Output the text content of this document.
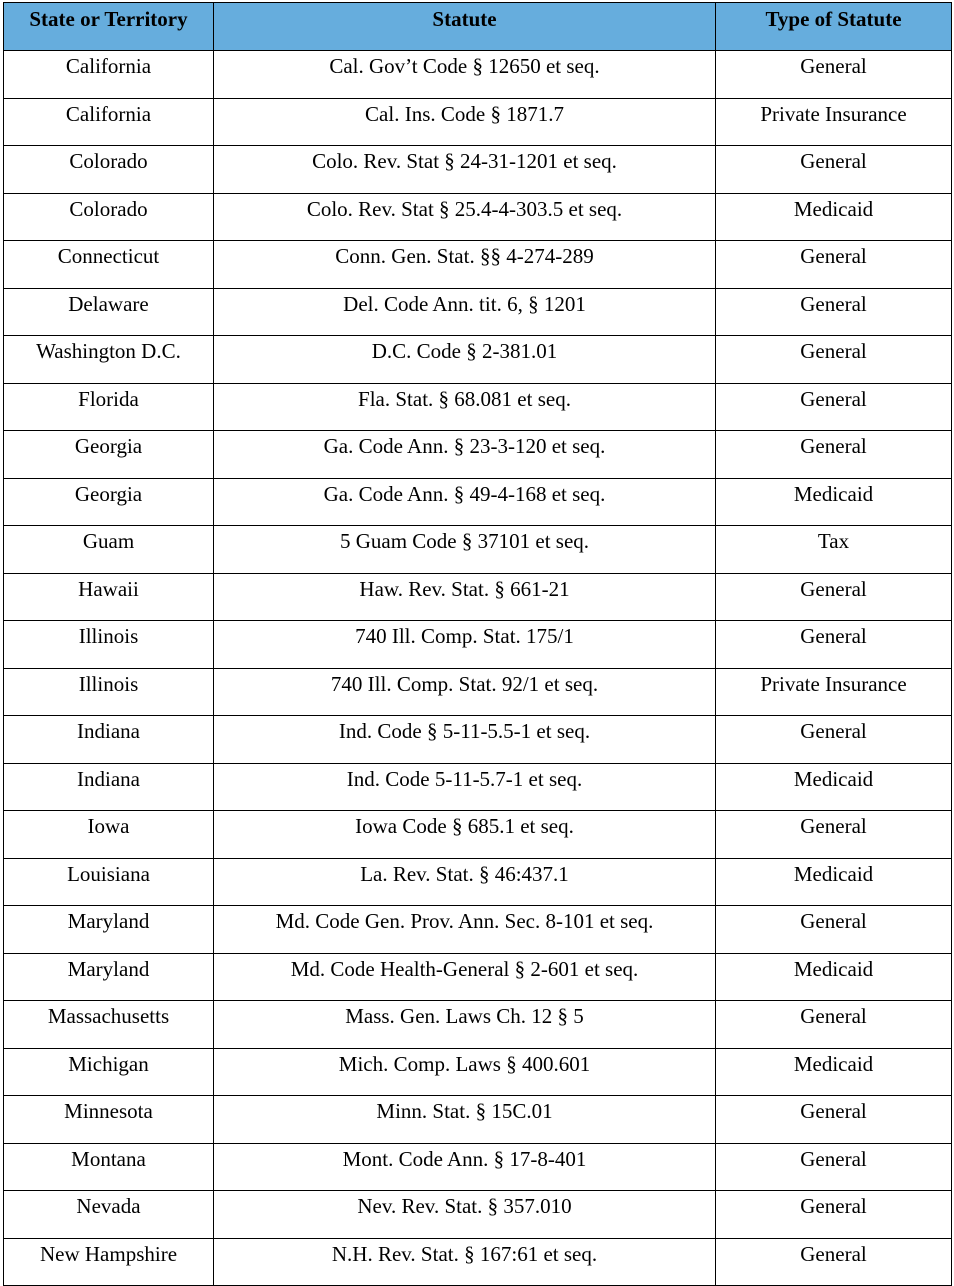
State or Territory	Statute	Type of Statute
California	Cal. Gov’t Code § 12650 et seq.	General
California	Cal. Ins. Code § 1871.7	Private Insurance
Colorado	Colo. Rev. Stat § 24-31-1201 et seq.	General
Colorado	Colo. Rev. Stat § 25.4-4-303.5 et seq.	Medicaid
Connecticut	Conn. Gen. Stat. §§ 4-274-289	General
Delaware	Del. Code Ann. tit. 6, § 1201	General
Washington D.C.	D.C. Code § 2-381.01	General
Florida	Fla. Stat. § 68.081 et seq.	General
Georgia	Ga. Code Ann. § 23-3-120 et seq.	General
Georgia	Ga. Code Ann. § 49-4-168 et seq.	Medicaid
Guam	5 Guam Code § 37101 et seq.	Tax
Hawaii	Haw. Rev. Stat. § 661-21	General
Illinois	740 Ill. Comp. Stat. 175/1	General
Illinois	740 Ill. Comp. Stat. 92/1 et seq.	Private Insurance
Indiana	Ind. Code § 5-11-5.5-1 et seq.	General
Indiana	Ind. Code 5-11-5.7-1 et seq.	Medicaid
Iowa	Iowa Code § 685.1 et seq.	General
Louisiana	La. Rev. Stat. § 46:437.1	Medicaid
Maryland	Md. Code Gen. Prov. Ann. Sec. 8-101 et seq.	General
Maryland	Md. Code Health-General § 2-601 et seq.	Medicaid
Massachusetts	Mass. Gen. Laws Ch. 12 § 5	General
Michigan	Mich. Comp. Laws § 400.601	Medicaid
Minnesota	Minn. Stat. § 15C.01	General
Montana	Mont. Code Ann. § 17-8-401	General
Nevada	Nev. Rev. Stat. § 357.010	General
New Hampshire	N.H. Rev. Stat. § 167:61 et seq.	General
